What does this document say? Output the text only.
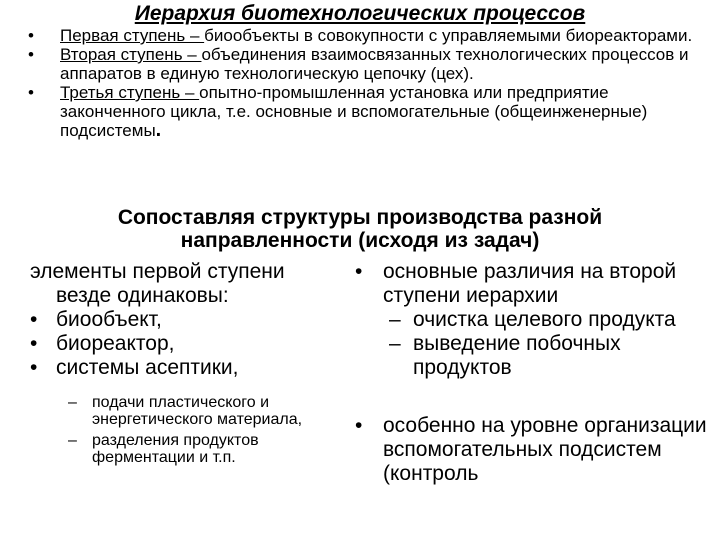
Иерархия биотехнологических процессов

• Первая ступень – биообъекты в совокупности с управляемыми биореакторами.

• Вторая ступень – объединения взаимосвязанных технологических процессов и аппаратов в единую технологическую цепочку (цех).

• Третья ступень – опытно-промышленная установка или предприятие законченного цикла, т.е. основные и вспомогательные (общеинженерные) подсистемы.

Сопоставляя структуры производства разной направленности (исходя из задач)

элементы первой ступени везде одинаковы:

• биообъект,

• биореактор,

• системы асептики,

– подачи пластического и энергетического материала,

– разделения продуктов ферментации и т.п.

• основные различия на второй ступени иерархии

– очистка целевого продукта

– выведение побочных продуктов

• особенно на уровне организации вспомогательных подсистем (контроль
